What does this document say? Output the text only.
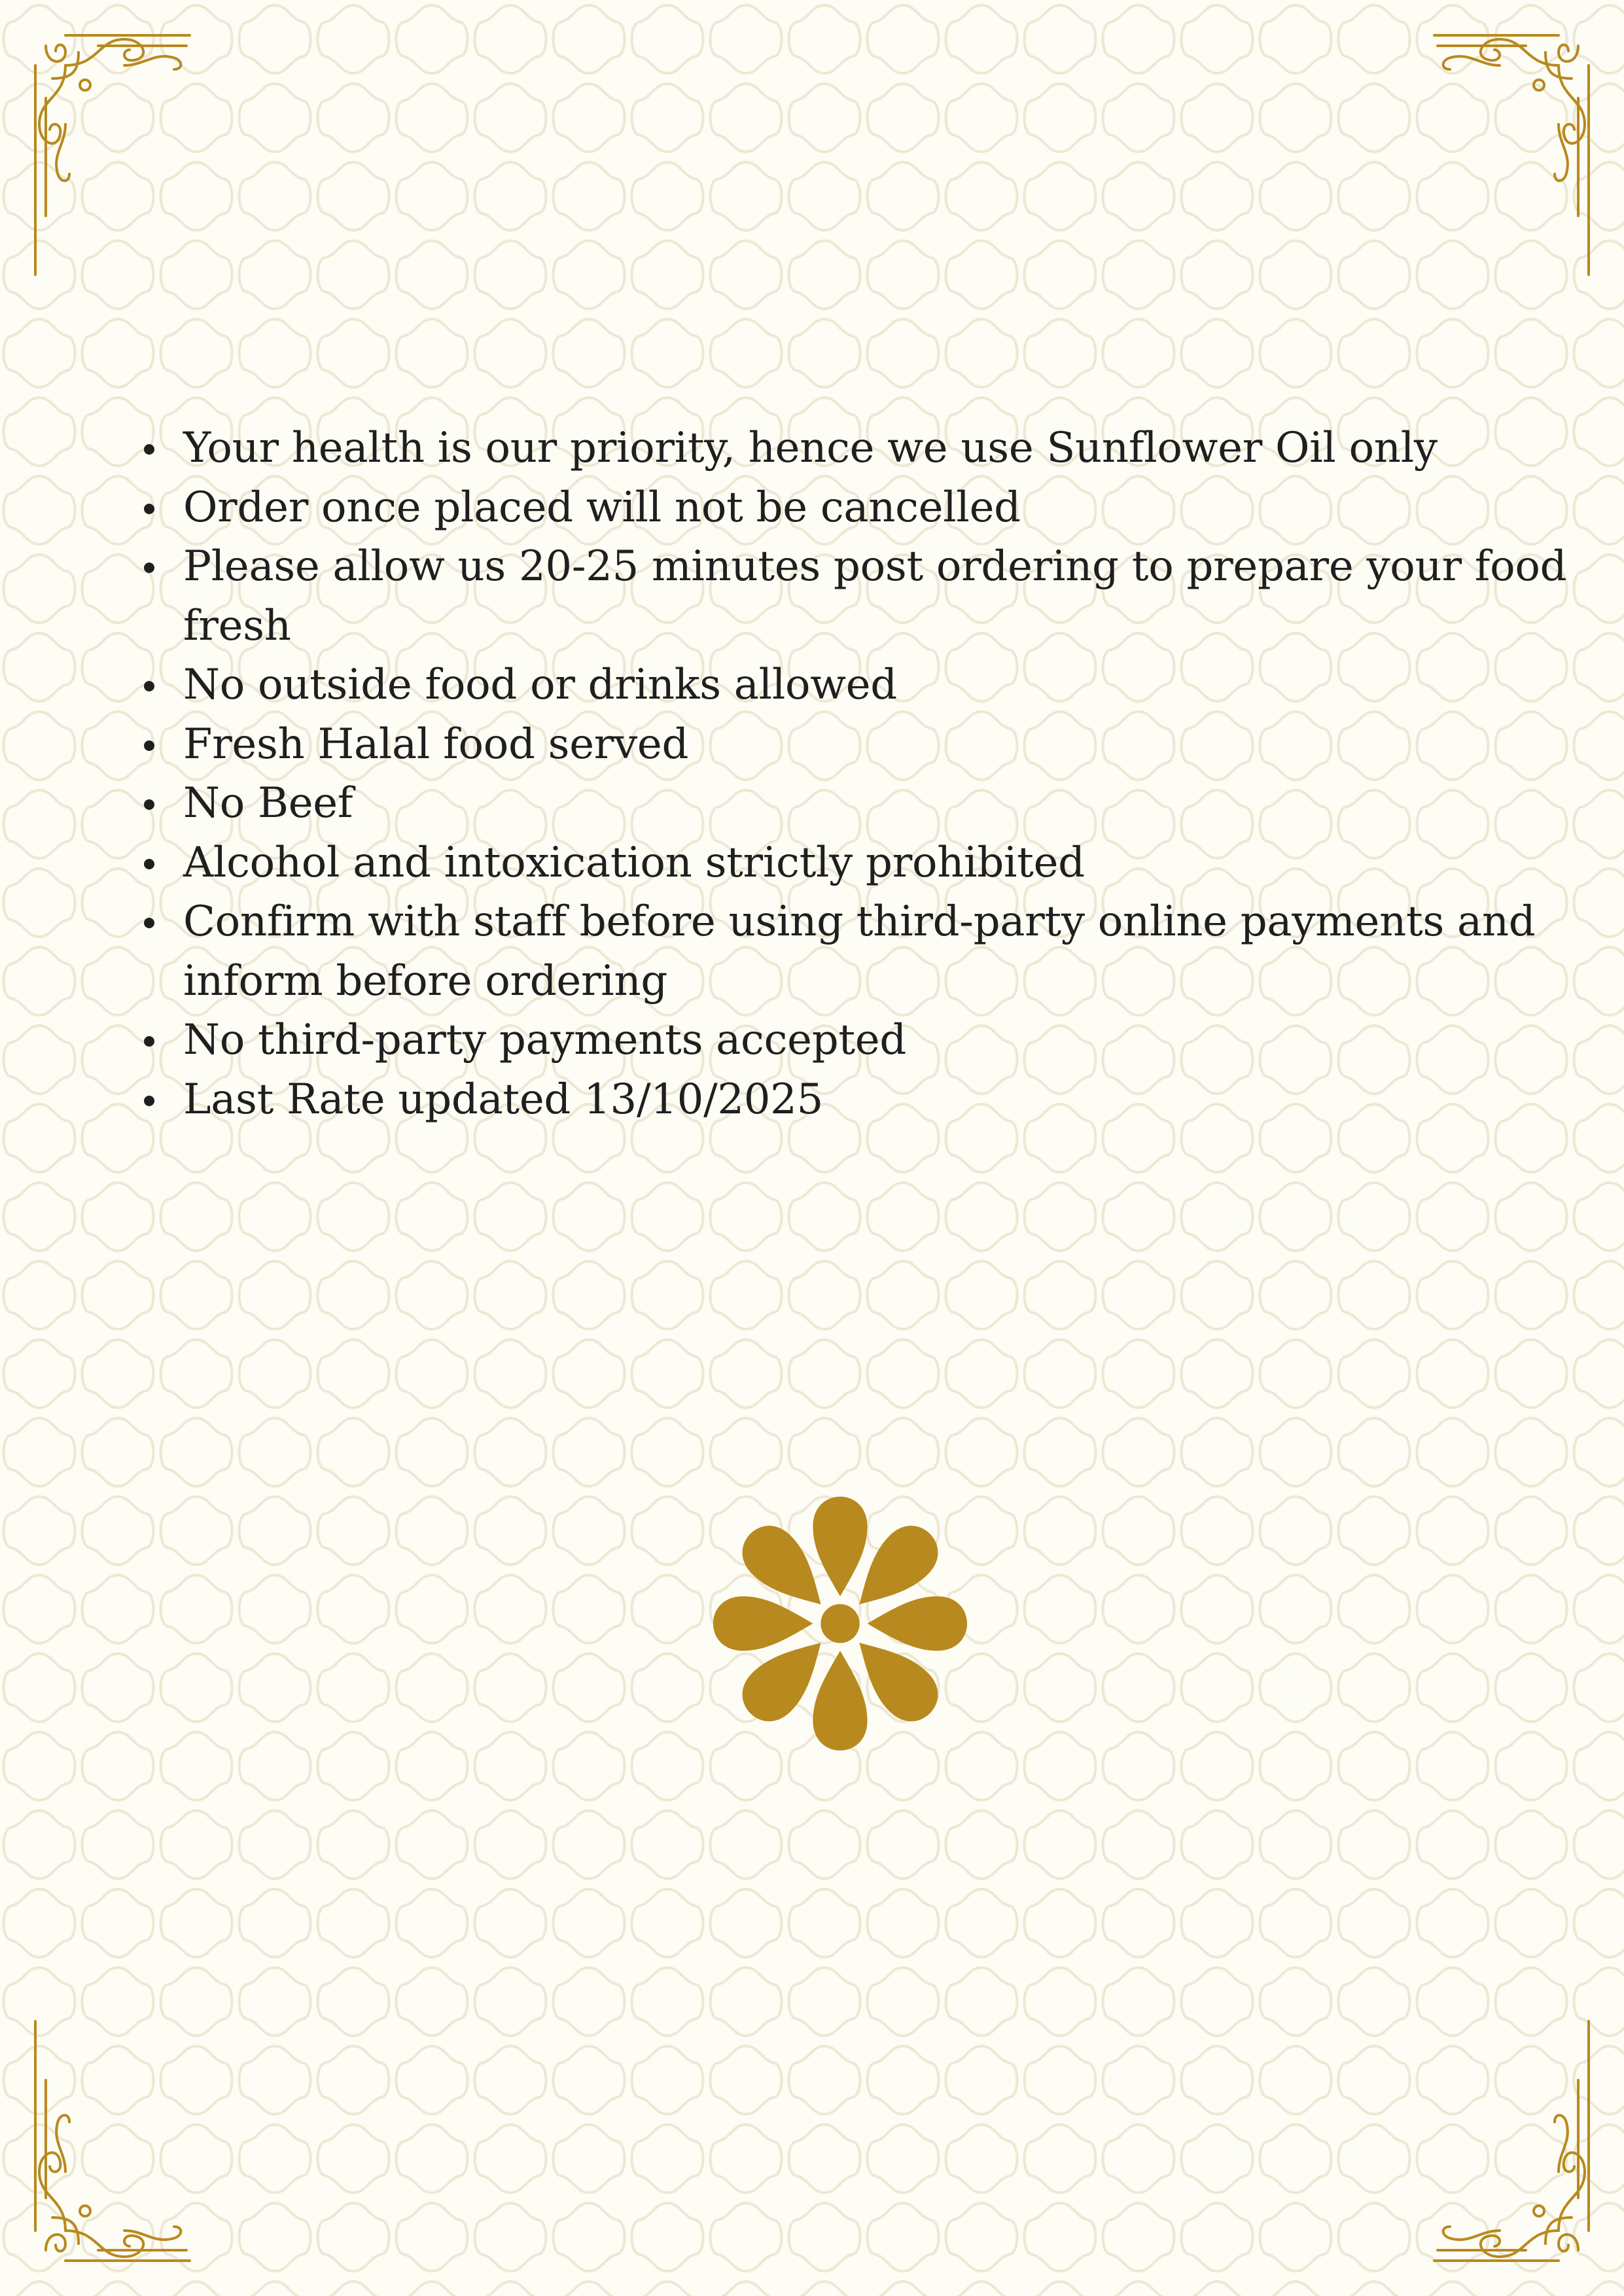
Your health is our priority, hence we use Sunflower Oil only
Order once placed will not be cancelled
Please allow us 20-25 minutes post ordering to prepare your food fresh
No outside food or drinks allowed
Fresh Halal food served
No Beef
Alcohol and intoxication strictly prohibited
Confirm with staff before using third-party online payments and inform before ordering
No third-party payments accepted
Last Rate updated 13/10/2025
